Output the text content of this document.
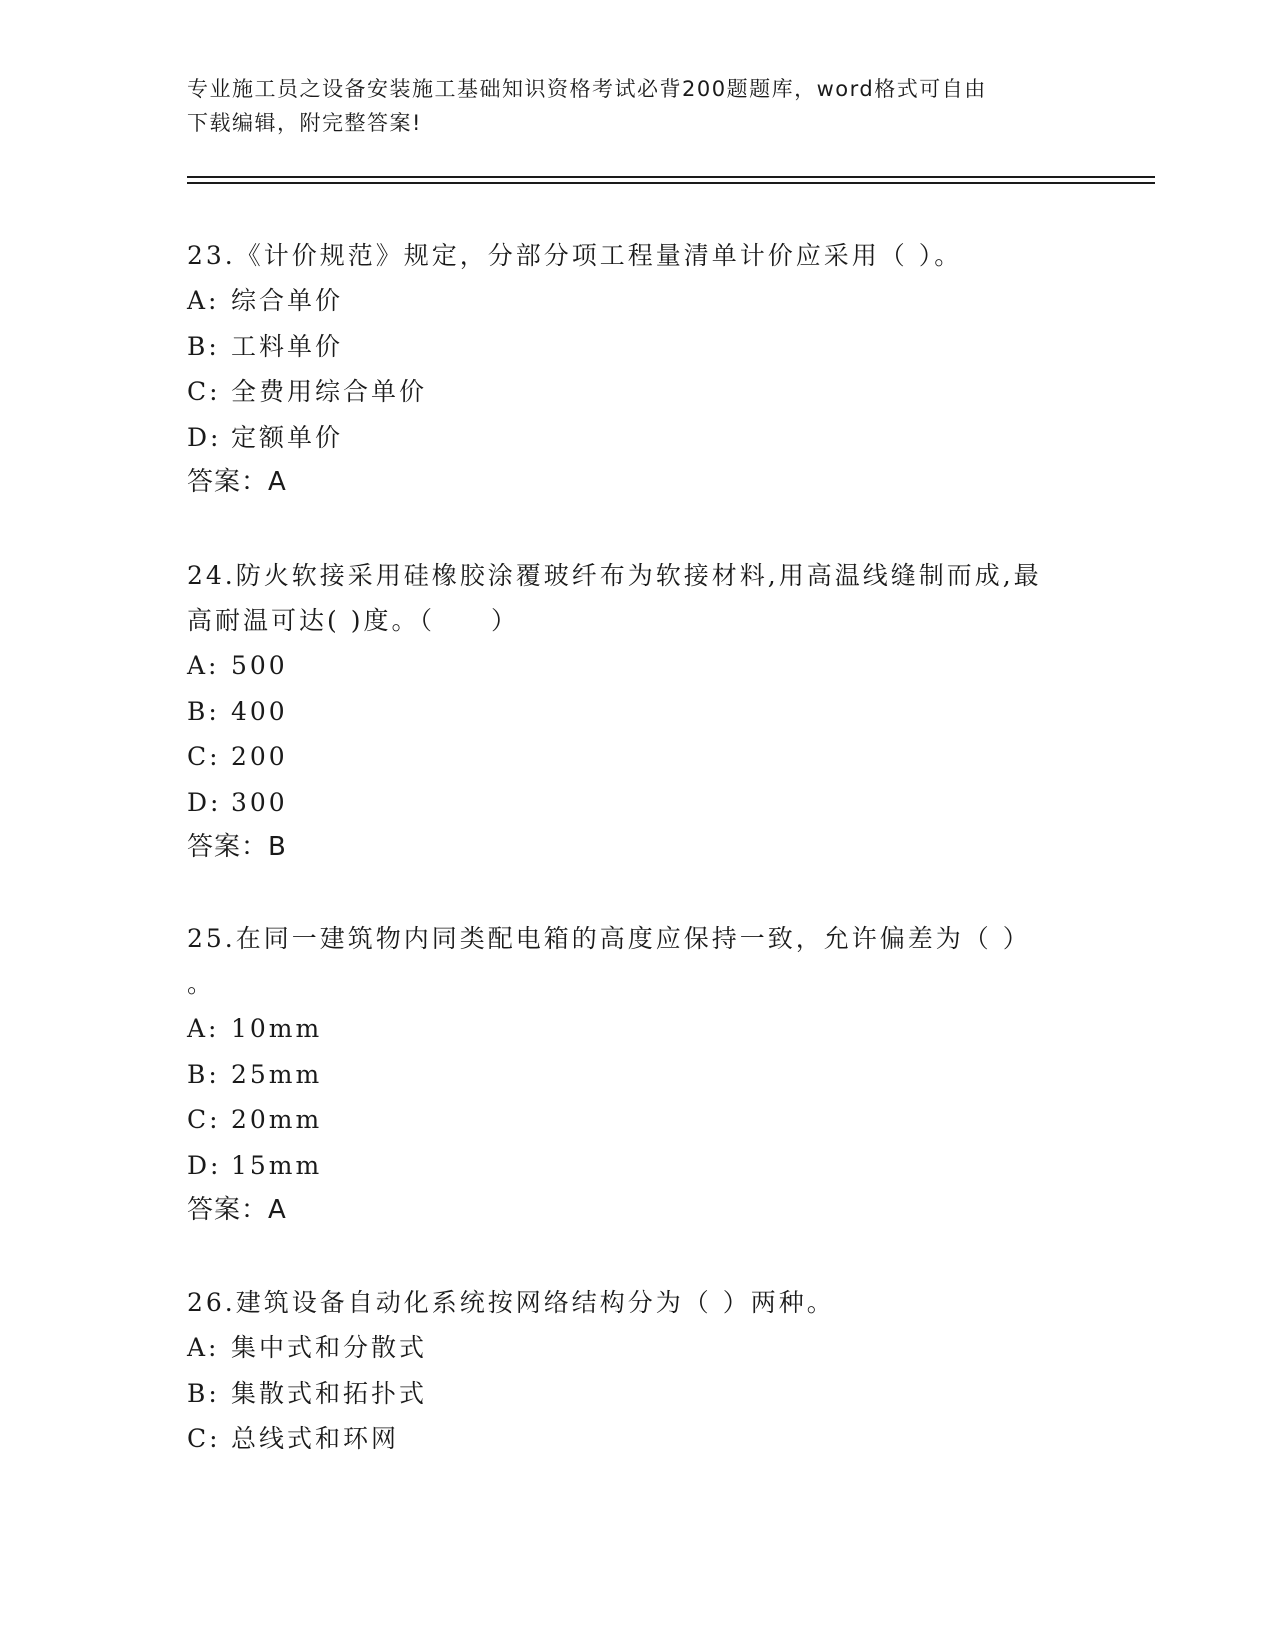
专业施工员之设备安装施工基础知识资格考试必背200题题库，word格式可自由
下载编辑，附完整答案!

23.《计价规范》规定，分部分项工程量清单计价应采用（ ）。

A: 综合单价

B: 工料单价

C: 全费用综合单价

D: 定额单价

答案：A

24.防火软接采用硅橡胶涂覆玻纤布为软接材料,用高温线缝制而成,最

高耐温可达( )度。（　　）

A: 500

B: 400

C: 200

D: 300

答案：B

25.在同一建筑物内同类配电箱的高度应保持一致，允许偏差为（ ）

。

A: 10mm

B: 25mm

C: 20mm

D: 15mm

答案：A

26.建筑设备自动化系统按网络结构分为（ ）两种。

A: 集中式和分散式

B: 集散式和拓扑式

C: 总线式和环网
